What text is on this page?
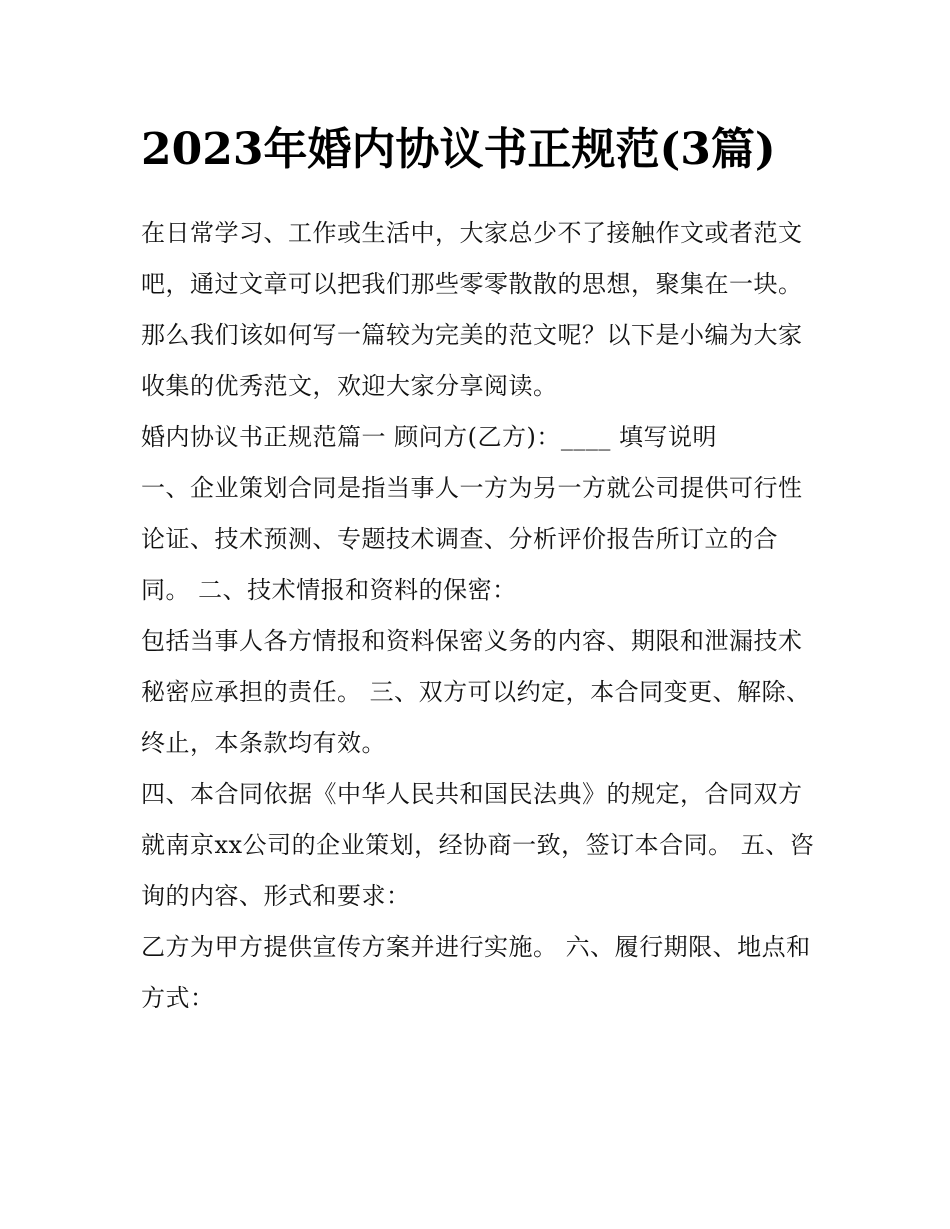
2023年婚内协议书正规范(3篇)

在日常学习、工作或生活中，大家总少不了接触作文或者范文吧，通过文章可以把我们那些零零散散的思想，聚集在一块。那么我们该如何写一篇较为完美的范文呢？以下是小编为大家收集的优秀范文，欢迎大家分享阅读。

婚内协议书正规范篇一 顾问方(乙方)：____ 填写说明

一、企业策划合同是指当事人一方为另一方就公司提供可行性论证、技术预测、专题技术调查、分析评价报告所订立的合同。 二、技术情报和资料的保密：

包括当事人各方情报和资料保密义务的内容、期限和泄漏技术秘密应承担的责任。 三、双方可以约定，本合同变更、解除、终止，本条款均有效。

四、本合同依据《中华人民共和国民法典》的规定，合同双方就南京xx公司的企业策划，经协商一致，签订本合同。 五、咨询的内容、形式和要求：

乙方为甲方提供宣传方案并进行实施。 六、履行期限、地点和方式：
